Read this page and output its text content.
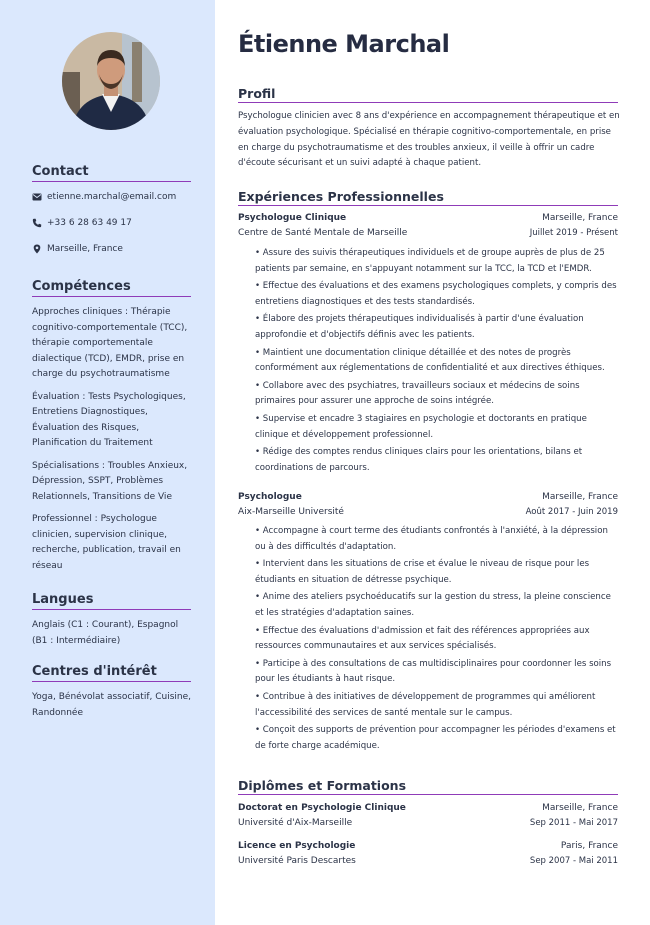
Contact
etienne.marchal@email.com
+33 6 28 63 49 17
Marseille, France
Compétences
Approches cliniques : Thérapie cognitivo-comportementale (TCC), thérapie comportementale dialectique (TCD), EMDR, prise en charge du psychotraumatisme
Évaluation : Tests Psychologiques, Entretiens Diagnostiques, Évaluation des Risques, Planification du Traitement
Spécialisations : Troubles Anxieux, Dépression, SSPT, Problèmes Relationnels, Transitions de Vie
Professionnel : Psychologue clinicien, supervision clinique, recherche, publication, travail en réseau
Langues
Anglais (C1 : Courant), Espagnol (B1 : Intermédiaire)
Centres d'intérêt
Yoga, Bénévolat associatif, Cuisine, Randonnée
Étienne Marchal
Profil
Psychologue clinicien avec 8 ans d'expérience en accompagnement thérapeutique et en évaluation psychologique. Spécialisé en thérapie cognitivo-comportementale, en prise en charge du psychotraumatisme et des troubles anxieux, il veille à offrir un cadre d'écoute sécurisant et un suivi adapté à chaque patient.
Expériences Professionnelles
Psychologue Clinique	Marseille, France
Centre de Santé Mentale de Marseille	Juillet 2019 - Présent
• Assure des suivis thérapeutiques individuels et de groupe auprès de plus de 25 patients par semaine, en s'appuyant notamment sur la TCC, la TCD et l'EMDR.
• Effectue des évaluations et des examens psychologiques complets, y compris des entretiens diagnostiques et des tests standardisés.
• Élabore des projets thérapeutiques individualisés à partir d'une évaluation approfondie et d'objectifs définis avec les patients.
• Maintient une documentation clinique détaillée et des notes de progrès conformément aux réglementations de confidentialité et aux directives éthiques.
• Collabore avec des psychiatres, travailleurs sociaux et médecins de soins primaires pour assurer une approche de soins intégrée.
• Supervise et encadre 3 stagiaires en psychologie et doctorants en pratique clinique et développement professionnel.
• Rédige des comptes rendus cliniques clairs pour les orientations, bilans et coordinations de parcours.
Psychologue	Marseille, France
Aix-Marseille Université	Août 2017 - Juin 2019
• Accompagne à court terme des étudiants confrontés à l'anxiété, à la dépression ou à des difficultés d'adaptation.
• Intervient dans les situations de crise et évalue le niveau de risque pour les étudiants en situation de détresse psychique.
• Anime des ateliers psychoéducatifs sur la gestion du stress, la pleine conscience et les stratégies d'adaptation saines.
• Effectue des évaluations d'admission et fait des références appropriées aux ressources communautaires et aux services spécialisés.
• Participe à des consultations de cas multidisciplinaires pour coordonner les soins pour les étudiants à haut risque.
• Contribue à des initiatives de développement de programmes qui améliorent l'accessibilité des services de santé mentale sur le campus.
• Conçoit des supports de prévention pour accompagner les périodes d'examens et de forte charge académique.
Diplômes et Formations
Doctorat en Psychologie Clinique	Marseille, France
Université d'Aix-Marseille	Sep 2011 - Mai 2017
Licence en Psychologie	Paris, France
Université Paris Descartes	Sep 2007 - Mai 2011
